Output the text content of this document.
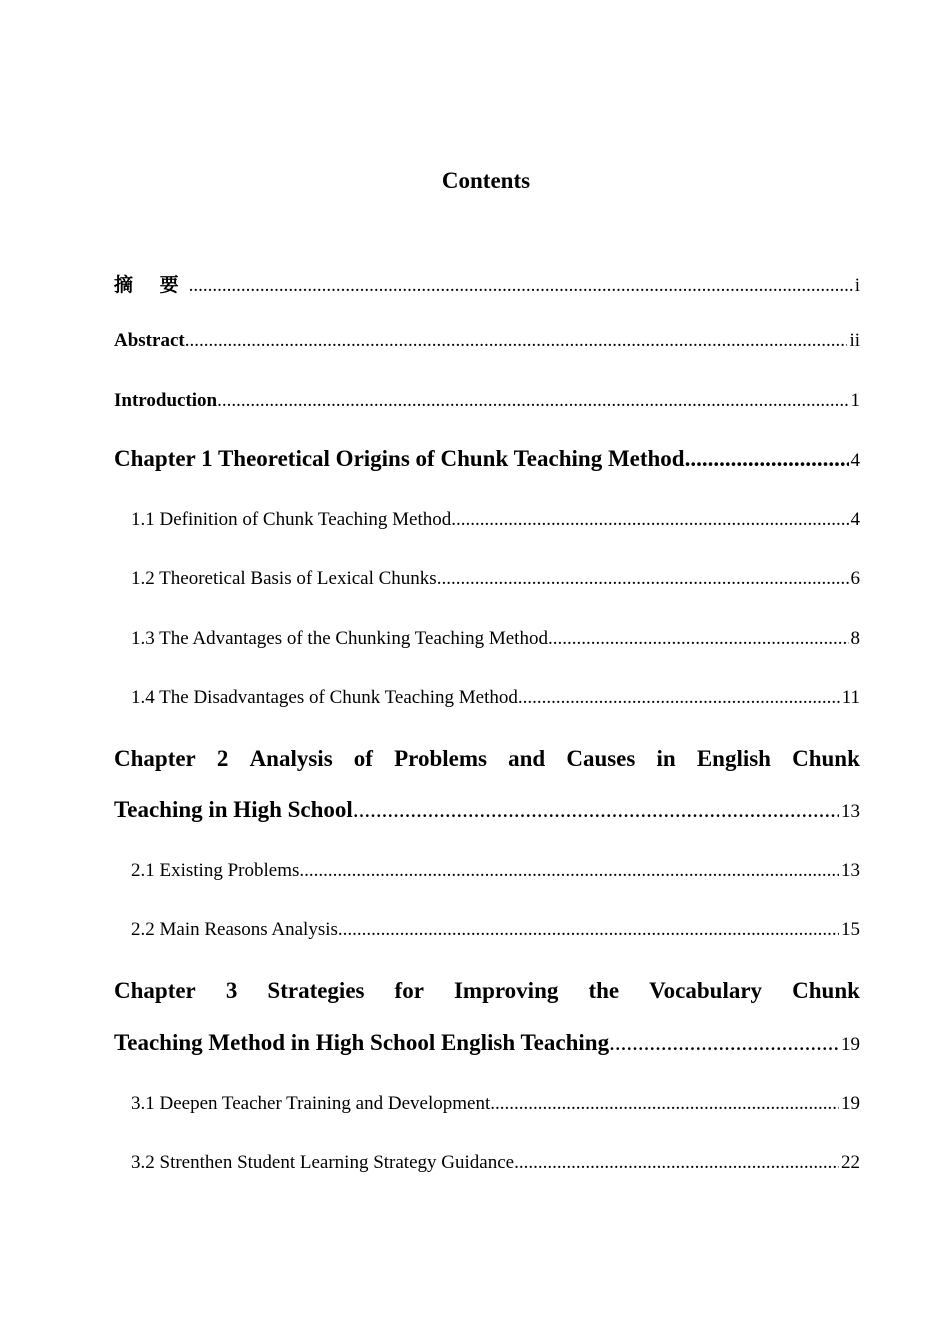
Contents
摘 要 .....	i
Abstract .....	ii
Introduction .....	1
Chapter 1 Theoretical Origins of Chunk Teaching Method .....	4
1.1 Definition of Chunk Teaching Method .....	4
1.2 Theoretical Basis of Lexical Chunks .....	6
1.3 The Advantages of the Chunking Teaching Method .....	8
1.4 The Disadvantages of Chunk Teaching Method .....	11
Chapter 2 Analysis of Problems and Causes in English Chunk
Teaching in High School .....	13
2.1 Existing Problems .....	13
2.2 Main Reasons Analysis .....	15
Chapter 3 Strategies for Improving the Vocabulary Chunk
Teaching Method in High School English Teaching .....	19
3.1 Deepen Teacher Training and Development .....	19
3.2 Strenthen Student Learning Strategy Guidance .....	22
